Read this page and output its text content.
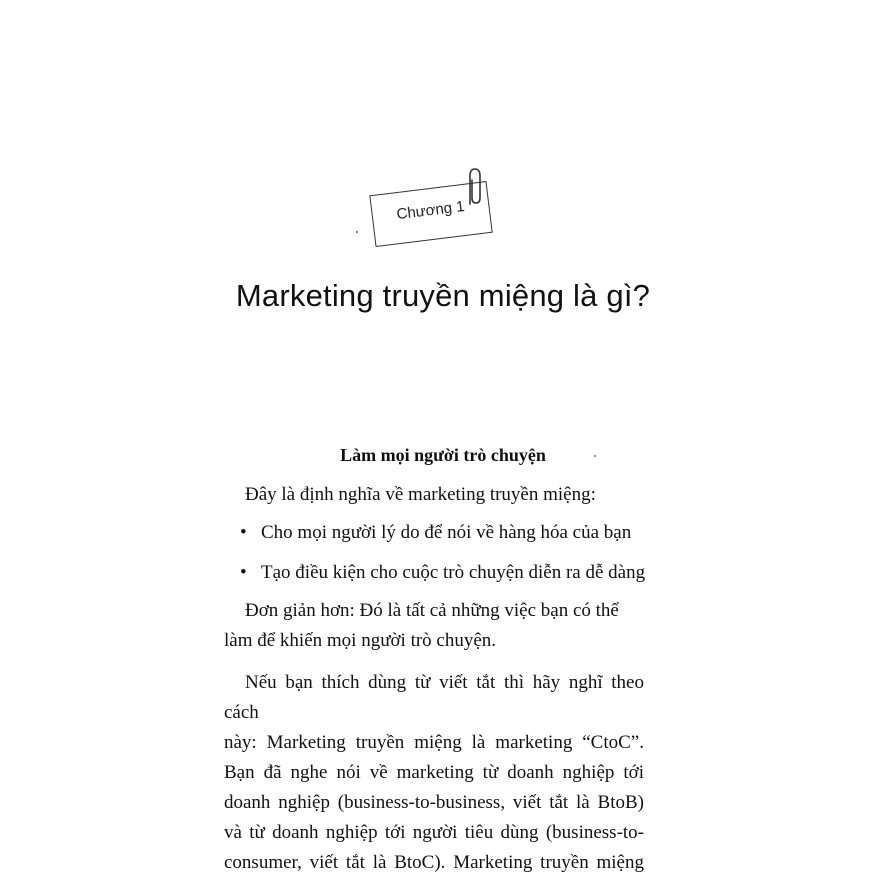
Chương 1
Marketing truyền miệng là gì?
Làm mọi người trò chuyện

Đây là định nghĩa về marketing truyền miệng:

• Cho mọi người lý do để nói về hàng hóa của bạn

• Tạo điều kiện cho cuộc trò chuyện diễn ra dễ dàng

Đơn giản hơn: Đó là tất cả những việc bạn có thể
làm để khiến mọi người trò chuyện.
Nếu bạn thích dùng từ viết tắt thì hãy nghĩ theo cách
này: Marketing truyền miệng là marketing “CtoC”.
Bạn đã nghe nói về marketing từ doanh nghiệp tới
doanh nghiệp (business-to-business, viết tắt là BtoB)
và từ doanh nghiệp tới người tiêu dùng (business-to-
consumer, viết tắt là BtoC). Marketing truyền miệng
